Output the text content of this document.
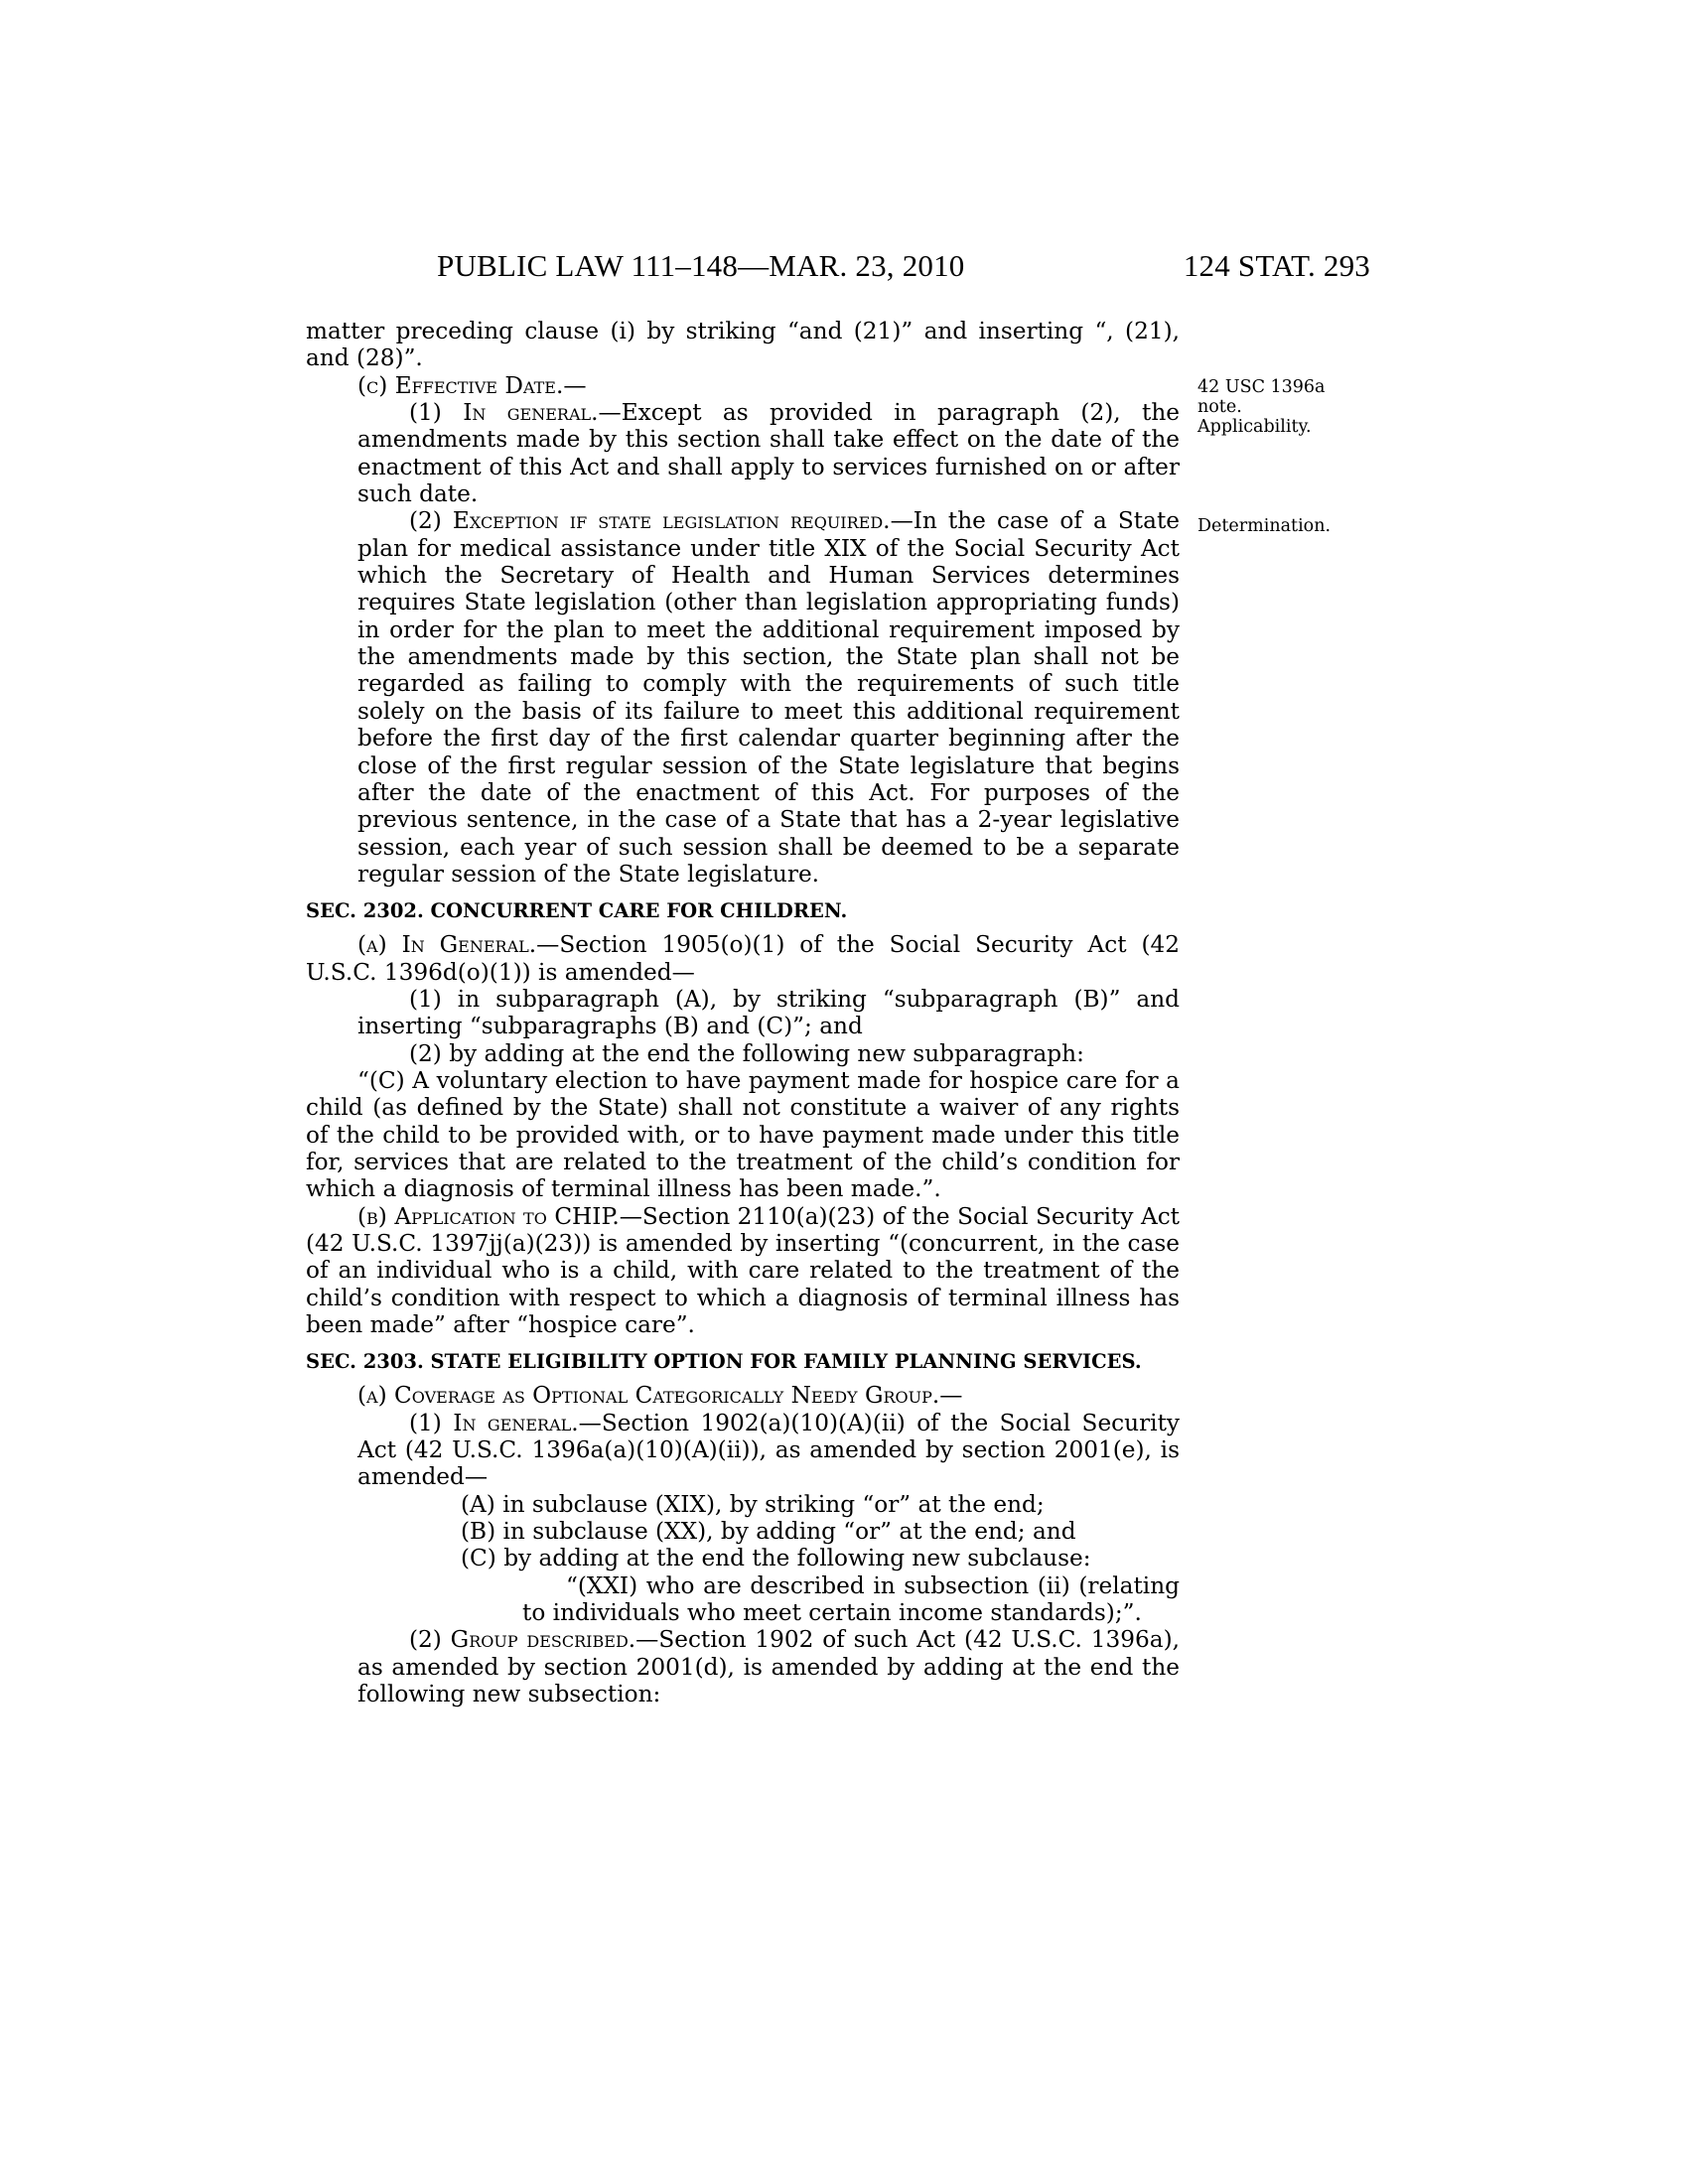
PUBLIC LAW 111–148—MAR. 23, 2010	124 STAT. 293
42 USC 1396a
note.
Applicability.
Determination.

matter preceding clause (i) by striking “and (21)” and inserting “, (21), and (28)”.

(c) Effective Date.—

(1) In general.—Except as provided in paragraph (2), the amendments made by this section shall take effect on the date of the enactment of this Act and shall apply to services furnished on or after such date.

(2) Exception if state legislation required.—In the case of a State plan for medical assistance under title XIX of the Social Security Act which the Secretary of Health and Human Services determines requires State legislation (other than legislation appropriating funds) in order for the plan to meet the additional requirement imposed by the amendments made by this section, the State plan shall not be regarded as failing to comply with the requirements of such title solely on the basis of its failure to meet this additional requirement before the first day of the first calendar quarter beginning after the close of the first regular session of the State legislature that begins after the date of the enactment of this Act. For purposes of the previous sentence, in the case of a State that has a 2-year legislative session, each year of such session shall be deemed to be a separate regular session of the State legislature.

SEC. 2302. CONCURRENT CARE FOR CHILDREN.

(a) In General.—Section 1905(o)(1) of the Social Security Act (42 U.S.C. 1396d(o)(1)) is amended—

(1) in subparagraph (A), by striking “subparagraph (B)” and inserting “subparagraphs (B) and (C)”; and

(2) by adding at the end the following new subparagraph:

“(C) A voluntary election to have payment made for hospice care for a child (as defined by the State) shall not constitute a waiver of any rights of the child to be provided with, or to have payment made under this title for, services that are related to the treatment of the child’s condition for which a diagnosis of terminal illness has been made.”.

(b) Application to CHIP.—Section 2110(a)(23) of the Social Security Act (42 U.S.C. 1397jj(a)(23)) is amended by inserting “(concurrent, in the case of an individual who is a child, with care related to the treatment of the child’s condition with respect to which a diagnosis of terminal illness has been made” after “hospice care”.

SEC. 2303. STATE ELIGIBILITY OPTION FOR FAMILY PLANNING SERVICES.

(a) Coverage as Optional Categorically Needy Group.—

(1) In general.—Section 1902(a)(10)(A)(ii) of the Social Security Act (42 U.S.C. 1396a(a)(10)(A)(ii)), as amended by section 2001(e), is amended—

(A) in subclause (XIX), by striking “or” at the end;

(B) in subclause (XX), by adding “or” at the end; and

(C) by adding at the end the following new subclause:

“(XXI) who are described in subsection (ii) (relating to individuals who meet certain income standards);”.

(2) Group described.—Section 1902 of such Act (42 U.S.C. 1396a), as amended by section 2001(d), is amended by adding at the end the following new subsection:
